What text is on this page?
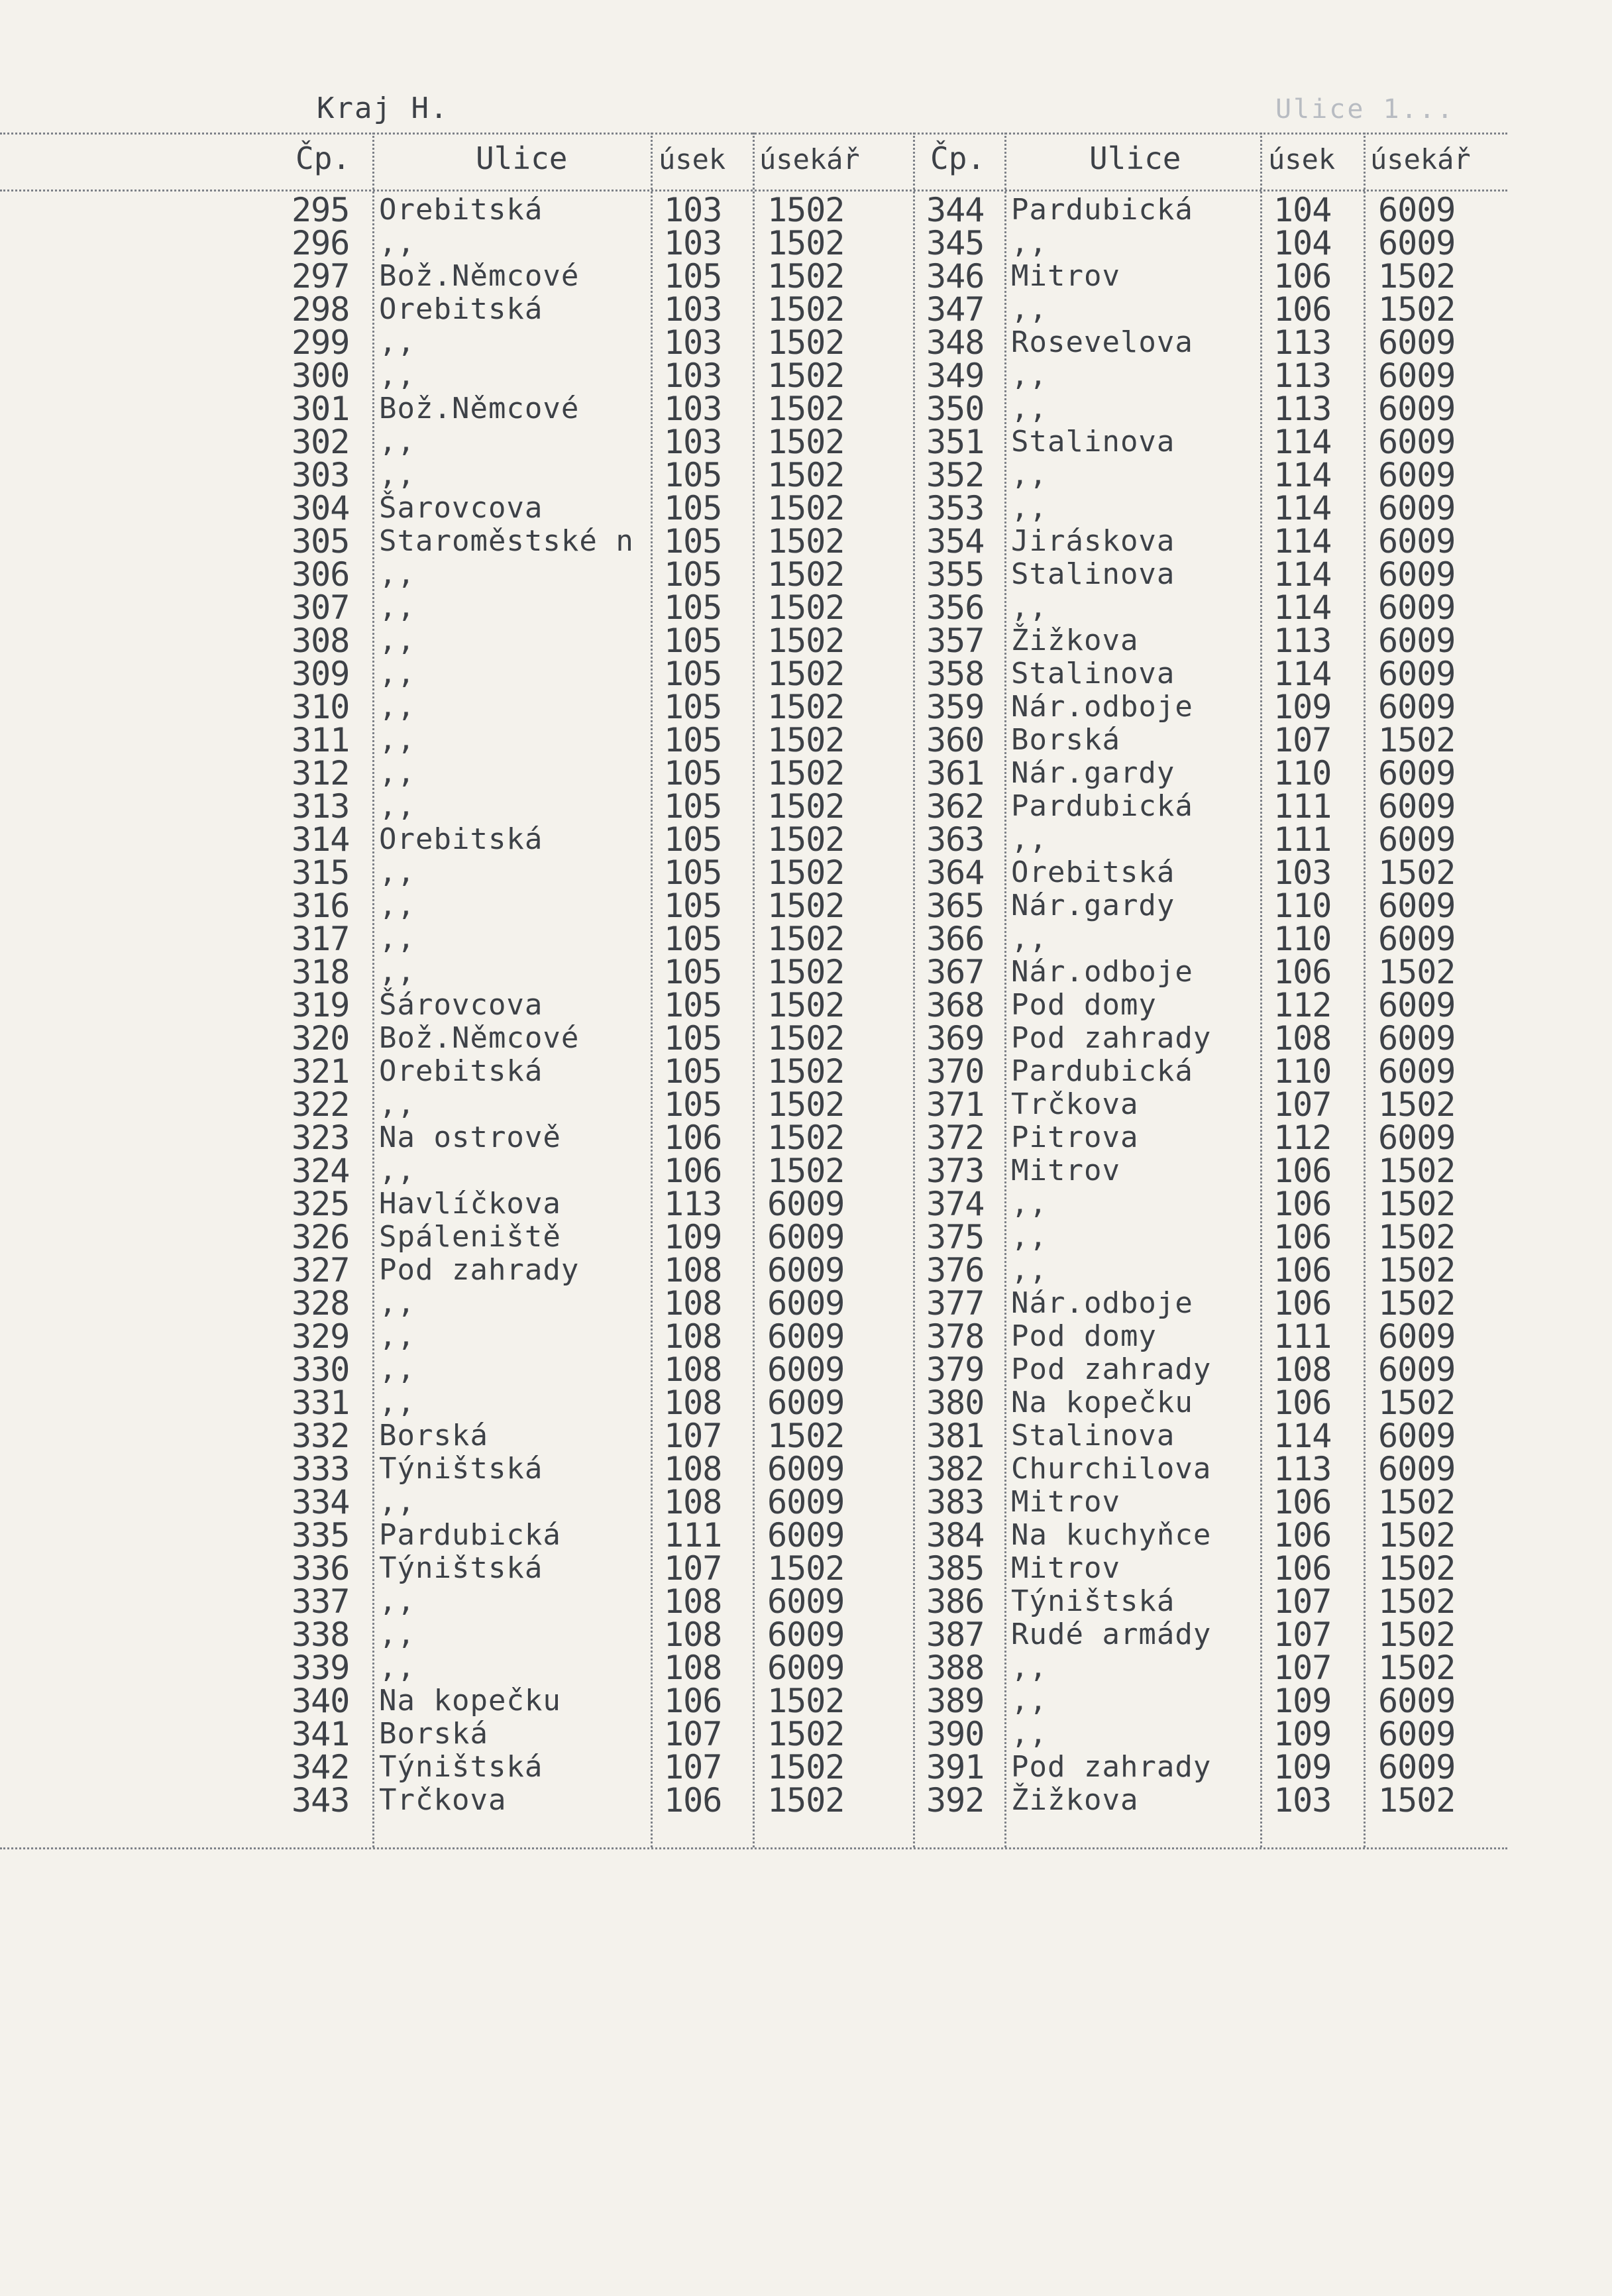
Kraj H.	Ulice 1...
Čp.	Ulice	úsek úsekář Čp.	Ulice	úsek úsekář
295 Orebitská	103 1502 344 Pardubická 104 6009
296 ,,	103 1502 345 ,,	104 6009
297 Bož.Němcové	105 1502 346 Mitrov	106 1502
298 Orebitská	103 1502 347 ,,	106 1502
299 ,,	103 1502 348 Rosevelova 113 6009
300 ,,	103 1502 349 ,,	113 6009
301 Bož.Němcové	103 1502 350 ,,	113 6009
302 ,,	103 1502 351 Stalinova	114 6009
303 ,,	105 1502 352 ,,	114 6009
304 Šarovcova	105 1502 353 ,,	114 6009
305 Staroměstské n 105 1502 354 Jiráskova	114 6009
306 ,,	105 1502 355 Stalinova	114 6009
307 ,,	105 1502 356 ,,	114 6009
308 ,,	105 1502 357 Žižkova	113 6009
309 ,,	105 1502 358 Stalinova	114 6009
310 ,,	105 1502 359 Nár.odboje 109 6009
311 ,,	105 1502 360 Borská	107 1502
312 ,,	105 1502 361 Nár.gardy	110 6009
313 ,,	105 1502 362 Pardubická 111 6009
314 Orebitská	105 1502 363 ,,	111 6009
315 ,,	105 1502 364 Orebitská	103 1502
316 ,,	105 1502 365 Nár.gardy	110 6009
317 ,,	105 1502 366 ,,	110 6009
318 ,,	105 1502 367 Nár.odboje 106 1502
319 Šárovcova	105 1502 368 Pod domy	112 6009
320 Bož.Němcové	105 1502 369 Pod zahrady 108 6009
321 Orebitská	105 1502 370 Pardubická 110 6009
322 ,,	105 1502 371 Trčkova	107 1502
323 Na ostrově	106 1502 372 Pitrova	112 6009
324 ,,	106 1502 373 Mitrov	106 1502
325 Havlíčkova	113 6009 374 ,,	106 1502
326 Spáleniště	109 6009 375 ,,	106 1502
327 Pod zahrady	108 6009 376 ,,	106 1502
328 ,,	108 6009 377 Nár.odboje 106 1502
329 ,,	108 6009 378 Pod domy	111 6009
330 ,,	108 6009 379 Pod zahrady 108 6009
331 ,,	108 6009 380 Na kopečku 106 1502
332 Borská	107 1502 381 Stalinova	114 6009
333 Týništská	108 6009 382 Churchilova 113 6009
334 ,,	108 6009 383 Mitrov	106 1502
335 Pardubická	111 6009 384 Na kuchyňce 106 1502
336 Týništská	107 1502 385 Mitrov	106 1502
337 ,,	108 6009 386 Týništská	107 1502
338 ,,	108 6009 387 Rudé armády 107 1502
339 ,,	108 6009 388 ,,	107 1502
340 Na kopečku	106 1502 389 ,,	109 6009
341 Borská	107 1502 390 ,,	109 6009
342 Týništská	107 1502 391 Pod zahrady 109 6009
343 Trčkova	106 1502 392 Žižkova	103 1502
